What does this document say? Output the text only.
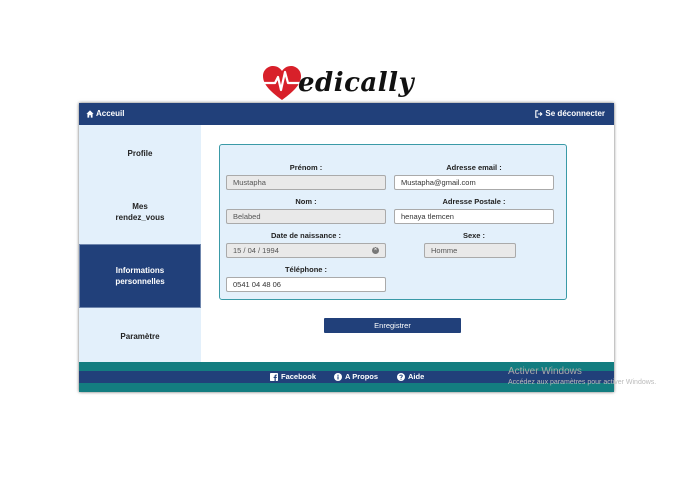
edically
Acceuil	Se déconnecter
Profile
Mes
rendez_vous
Informations
personnelles
Paramètre
Prénom :
Mustapha
Adresse email :
Mustapha@gmail.com
Nom :
Belabed
Adresse Postale :
henaya tlemcen
Date de naissance :
15 / 04 / 1994	×
Sexe :
Homme
Téléphone :
0541 04 48 06
Enregistrer
Facebook	A Propos	Aide	Activer Windows
Accédez aux paramètres pour activer Windows.
